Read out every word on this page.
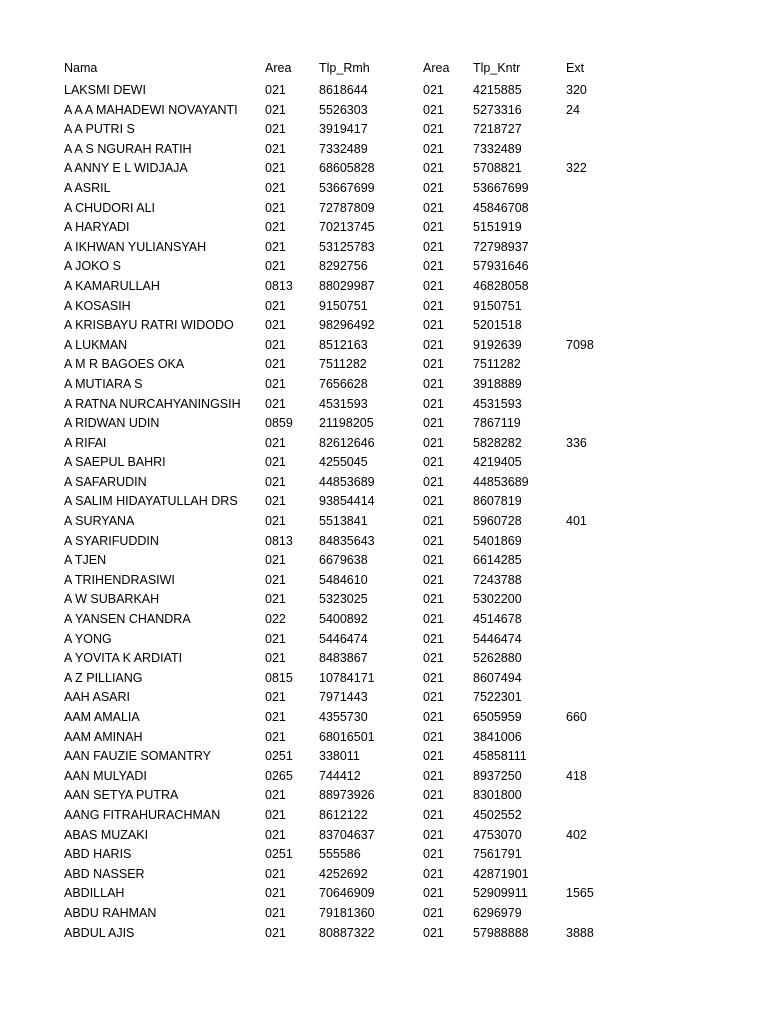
Nama	Area	Tlp_Rmh	Area	Tlp_Kntr	Ext

LAKSMI DEWI	021	8618644	021	4215885	320

A A A MAHADEWI NOVAYANTI	021	5526303	021	5273316	24

A A PUTRI S	021	3919417	021	7218727	

A A S NGURAH RATIH	021	7332489	021	7332489	

A ANNY E L WIDJAJA	021	68605828	021	5708821	322

A ASRIL	021	53667699	021	53667699	

A CHUDORI ALI	021	72787809	021	45846708	

A HARYADI	021	70213745	021	5151919	

A IKHWAN YULIANSYAH	021	53125783	021	72798937	

A JOKO S	021	8292756	021	57931646	

A KAMARULLAH	0813	88029987	021	46828058	

A KOSASIH	021	9150751	021	9150751	

A KRISBAYU RATRI WIDODO	021	98296492	021	5201518	

A LUKMAN	021	8512163	021	9192639	7098

A M R BAGOES OKA	021	7511282	021	7511282	

A MUTIARA S	021	7656628	021	3918889	

A RATNA NURCAHYANINGSIH	021	4531593	021	4531593	

A RIDWAN UDIN	0859	21198205	021	7867119	

A RIFAI	021	82612646	021	5828282	336

A SAEPUL BAHRI	021	4255045	021	4219405	

A SAFARUDIN	021	44853689	021	44853689	

A SALIM HIDAYATULLAH DRS	021	93854414	021	8607819	

A SURYANA	021	5513841	021	5960728	401

A SYARIFUDDIN	0813	84835643	021	5401869	

A TJEN	021	6679638	021	6614285	

A TRIHENDRASIWI	021	5484610	021	7243788	

A W SUBARKAH	021	5323025	021	5302200	

A YANSEN CHANDRA	022	5400892	021	4514678	

A YONG	021	5446474	021	5446474	

A YOVITA K ARDIATI	021	8483867	021	5262880	

A Z PILLIANG	0815	10784171	021	8607494	

AAH ASARI	021	7971443	021	7522301	

AAM AMALIA	021	4355730	021	6505959	660

AAM AMINAH	021	68016501	021	3841006	

AAN FAUZIE SOMANTRY	0251	338011	021	45858111	

AAN MULYADI	0265	744412	021	8937250	418

AAN SETYA PUTRA	021	88973926	021	8301800	

AANG FITRAHURACHMAN	021	8612122	021	4502552	

ABAS MUZAKI	021	83704637	021	4753070	402

ABD HARIS	0251	555586	021	7561791	

ABD NASSER	021	4252692	021	42871901	

ABDILLAH	021	70646909	021	52909911	1565

ABDU RAHMAN	021	79181360	021	6296979	

ABDUL AJIS	021	80887322	021	57988888	3888
